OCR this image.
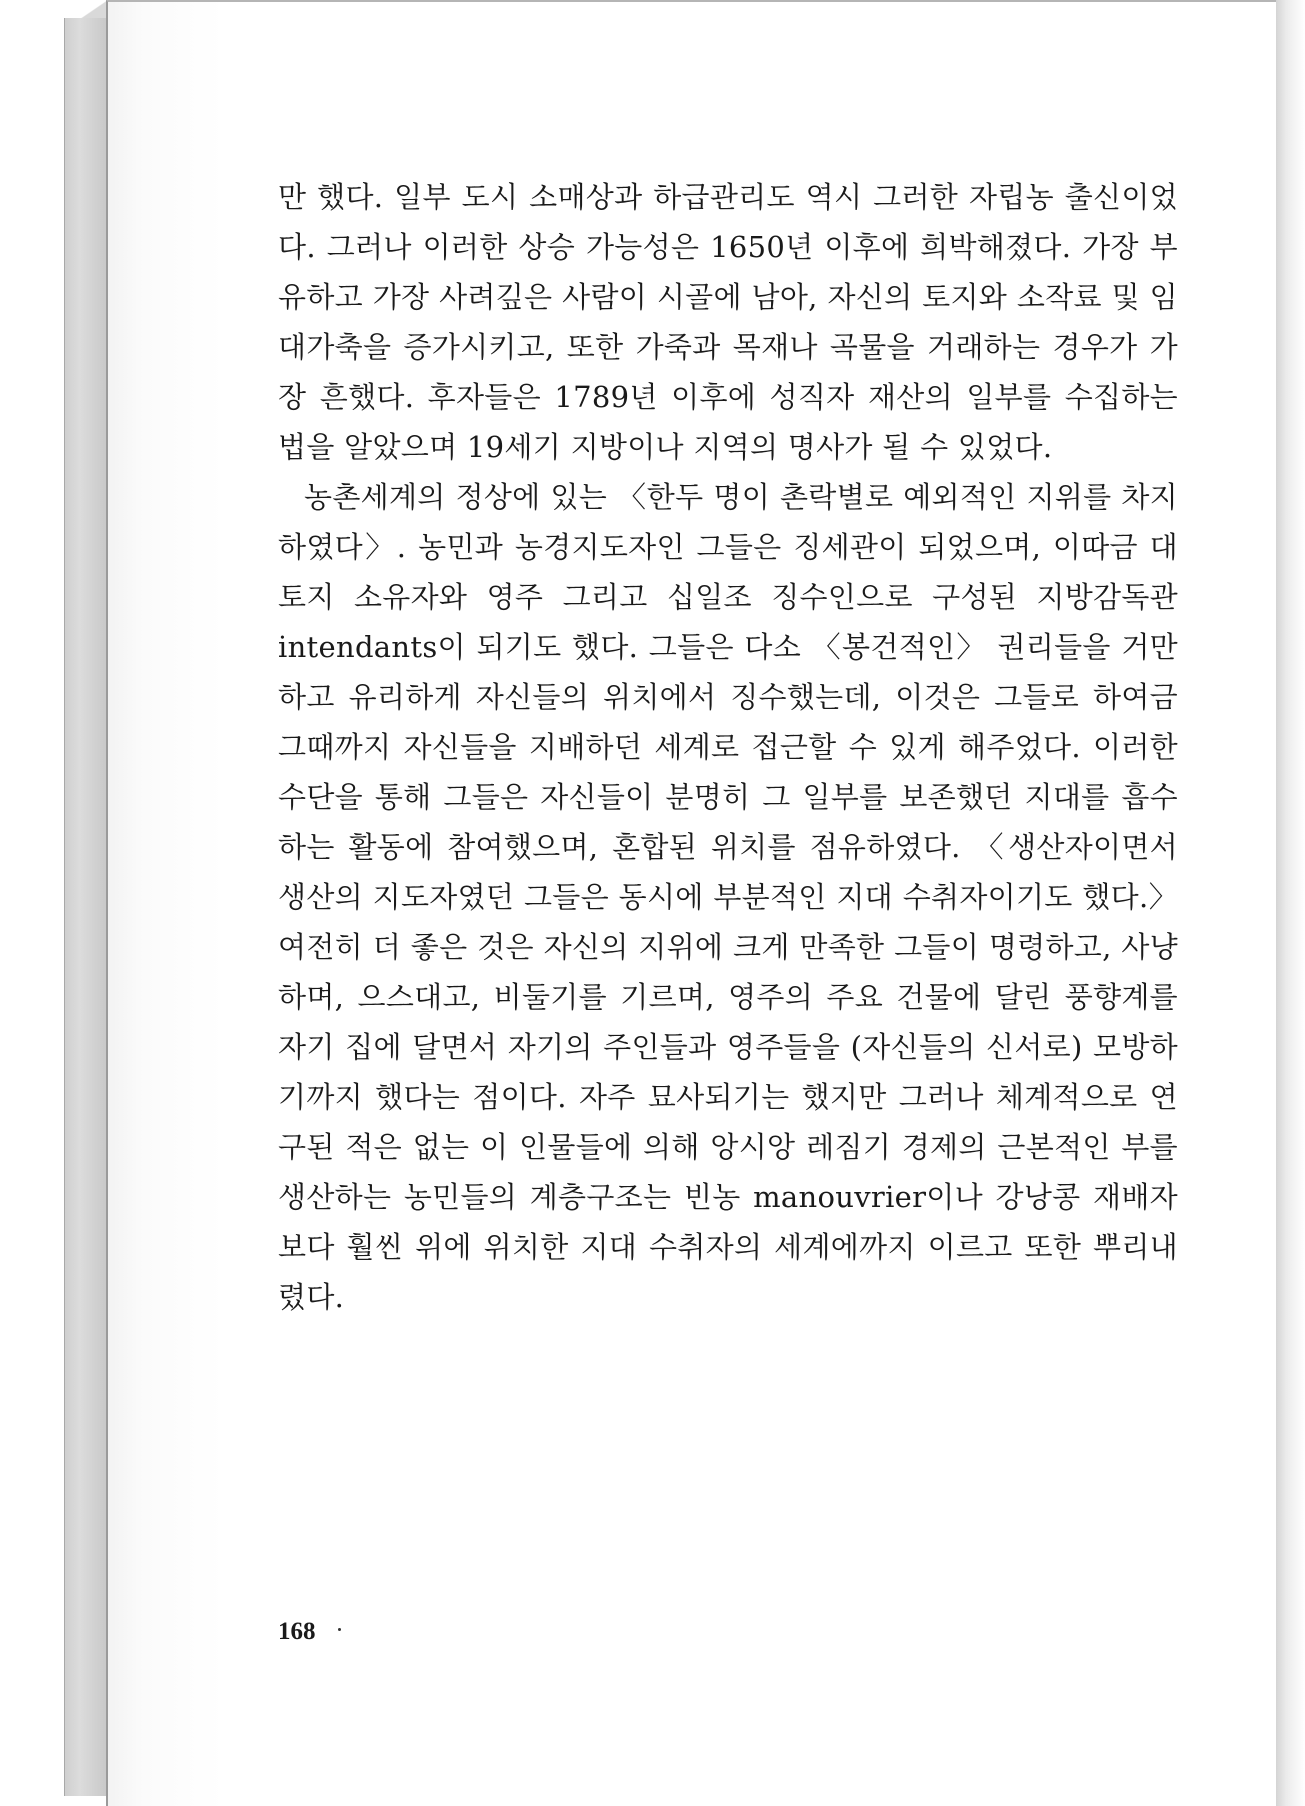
만 했다. 일부 도시 소매상과 하급관리도 역시 그러한 자립농 출신이었다. 그러나 이러한 상승 가능성은 1650년 이후에 희박해졌다. 가장 부유하고 가장 사려깊은 사람이 시골에 남아, 자신의 토지와 소작료 및 임대가축을 증가시키고, 또한 가죽과 목재나 곡물을 거래하는 경우가 가장 흔했다. 후자들은 1789년 이후에 성직자 재산의 일부를 수집하는 법을 알았으며 19세기 지방이나 지역의 명사가 될 수 있었다.

농촌세계의 정상에 있는 〈한두 명이 촌락별로 예외적인 지위를 차지하였다〉. 농민과 농경지도자인 그들은 징세관이 되었으며, 이따금 대 토지 소유자와 영주 그리고 십일조 징수인으로 구성된 지방감독관 intendants이 되기도 했다. 그들은 다소 〈봉건적인〉 권리들을 거만하고 유리하게 자신들의 위치에서 징수했는데, 이것은 그들로 하여금 그때까지 자신들을 지배하던 세계로 접근할 수 있게 해주었다. 이러한 수단을 통해 그들은 자신들이 분명히 그 일부를 보존했던 지대를 흡수하는 활동에 참여했으며, 혼합된 위치를 점유하였다. 〈생산자이면서 생산의 지도자였던 그들은 동시에 부분적인 지대 수취자이기도 했다.〉 여전히 더 좋은 것은 자신의 지위에 크게 만족한 그들이 명령하고, 사냥하며, 으스대고, 비둘기를 기르며, 영주의 주요 건물에 달린 풍향계를 자기 집에 달면서 자기의 주인들과 영주들을 (자신들의 신서로) 모방하기까지 했다는 점이다. 자주 묘사되기는 했지만 그러나 체계적으로 연구된 적은 없는 이 인물들에 의해 앙시앙 레짐기 경제의 근본적인 부를 생산하는 농민들의 계층구조는 빈농 manouvrier이나 강낭콩 재배자보다 훨씬 위에 위치한 지대 수취자의 세계에까지 이르고 또한 뿌리내렸다.

168
